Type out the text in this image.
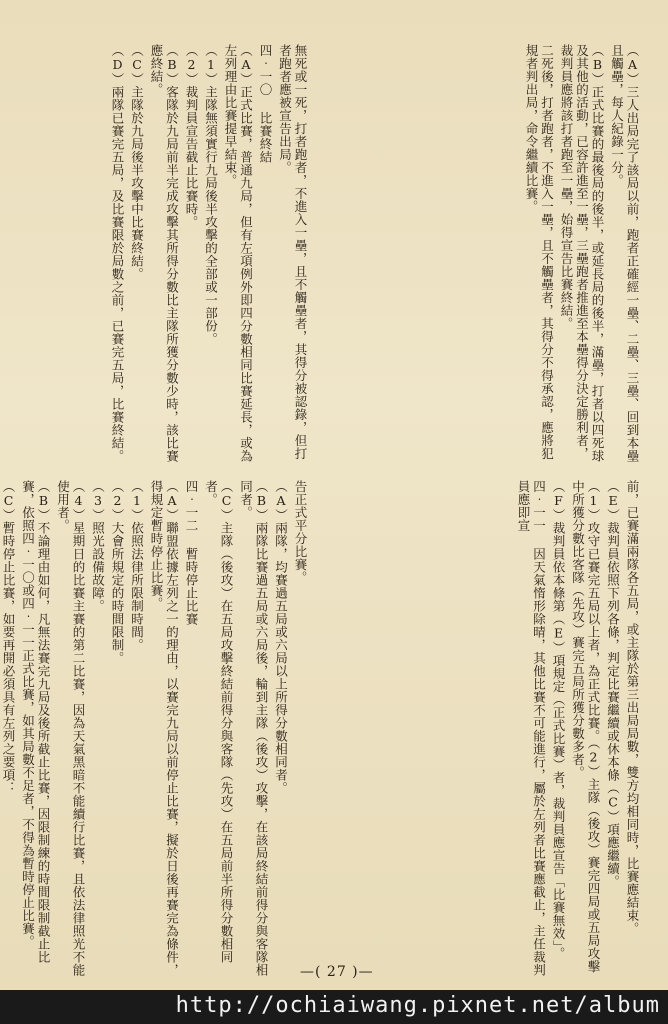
（A）三人出局完了該局以前，跑者正確經一壘、二壘、三壘、回到本壘且觸壘，每人紀錄一分。

（B）正式比賽的最後局的後半，或延長局的後半，滿壘，打者以四死球及其他的活動，已容許進至一壘，三壘跑者推進至本壘得分決定勝利者，裁判員應將該打者跑至一壘，始得宣告比賽終結。

二死後，打者跑者，不進入一壘，且不觸壘者，其得分不得承認，應將犯規者判出局，命令繼續比賽。

無死或一死，打者跑者，不進入一壘，且不觸壘者，其得分被認錄，但打者跑者應被宣告出局。

四‧一〇 比賽終結

（A）正式比賽，普通九局，但有左項例外即四分數相同比賽延長，或為左列理由比賽提早結束。

（1）主隊無須實行九局後半攻擊的全部或一部份。

（2）裁判員宣告截止比賽時。

（B）客隊於九局前半完成攻擊其所得分數比主隊所獲分數少時，該比賽應終結。

（C）主隊於九局後半攻擊中比賽終結。

（D）兩隊已賽完五局，及比賽限於局數之前，已賽完五局，比賽終結。

前，已賽滿兩隊各五局，或主隊於第三出局局數，雙方均相同時，比賽應結束。

（E）裁判員依照下列各條，判定比賽繼續或休本條（C）項應繼續。

（1）攻守已賽完五局以上者，為正式比賽。（2）主隊（後攻）賽完四局或五局攻擊中所獲分數比客隊（先攻）賽完五局所獲分數多者。

（F）裁判員依本條第（E）項規定（正式比賽）者，裁判員應宣告「比賽無效」。

四‧一一 因天氣惰形除晴，其他比賽不可能進行，屬於左列者比賽應截止，主任裁判員應即宣

告正式平分比賽。

（A）兩隊，均賽過五局或六局以上所得分數相同者。

（B）兩隊比賽過五局或六局後，輪到主隊（後攻）攻擊，在該局終結前得分與客隊相同者。

（C）主隊（後攻）在五局攻擊終結前得分與客隊（先攻）在五局前半所得分數相同者。

四‧一二 暫時停止比賽

（A）聯盟依據左列之一的理由，以賽完九局以前停止比賽，擬於日後再賽完為條件，得規定暫時停止比賽。

（1）依照法律所限制時間。

（2）大會所規定的時間限制。

（3）照光設備故障。

（4）星期日的比賽主賽的第二比賽，因為天氣黑暗不能續行比賽，且依法律照光不能使用者。

（B）不論理由如何，凡無法賽完九局及後所截止比賽，因限制練的時間限制截止比賽，依照四‧一〇或四‧一一正式比賽，如其局數不足者，不得為暫時停止比賽。

（C）暫時停止比賽，如要再開必須具有左列之要項：

—( 27 )—
http://ochiaiwang.pixnet.net/album
